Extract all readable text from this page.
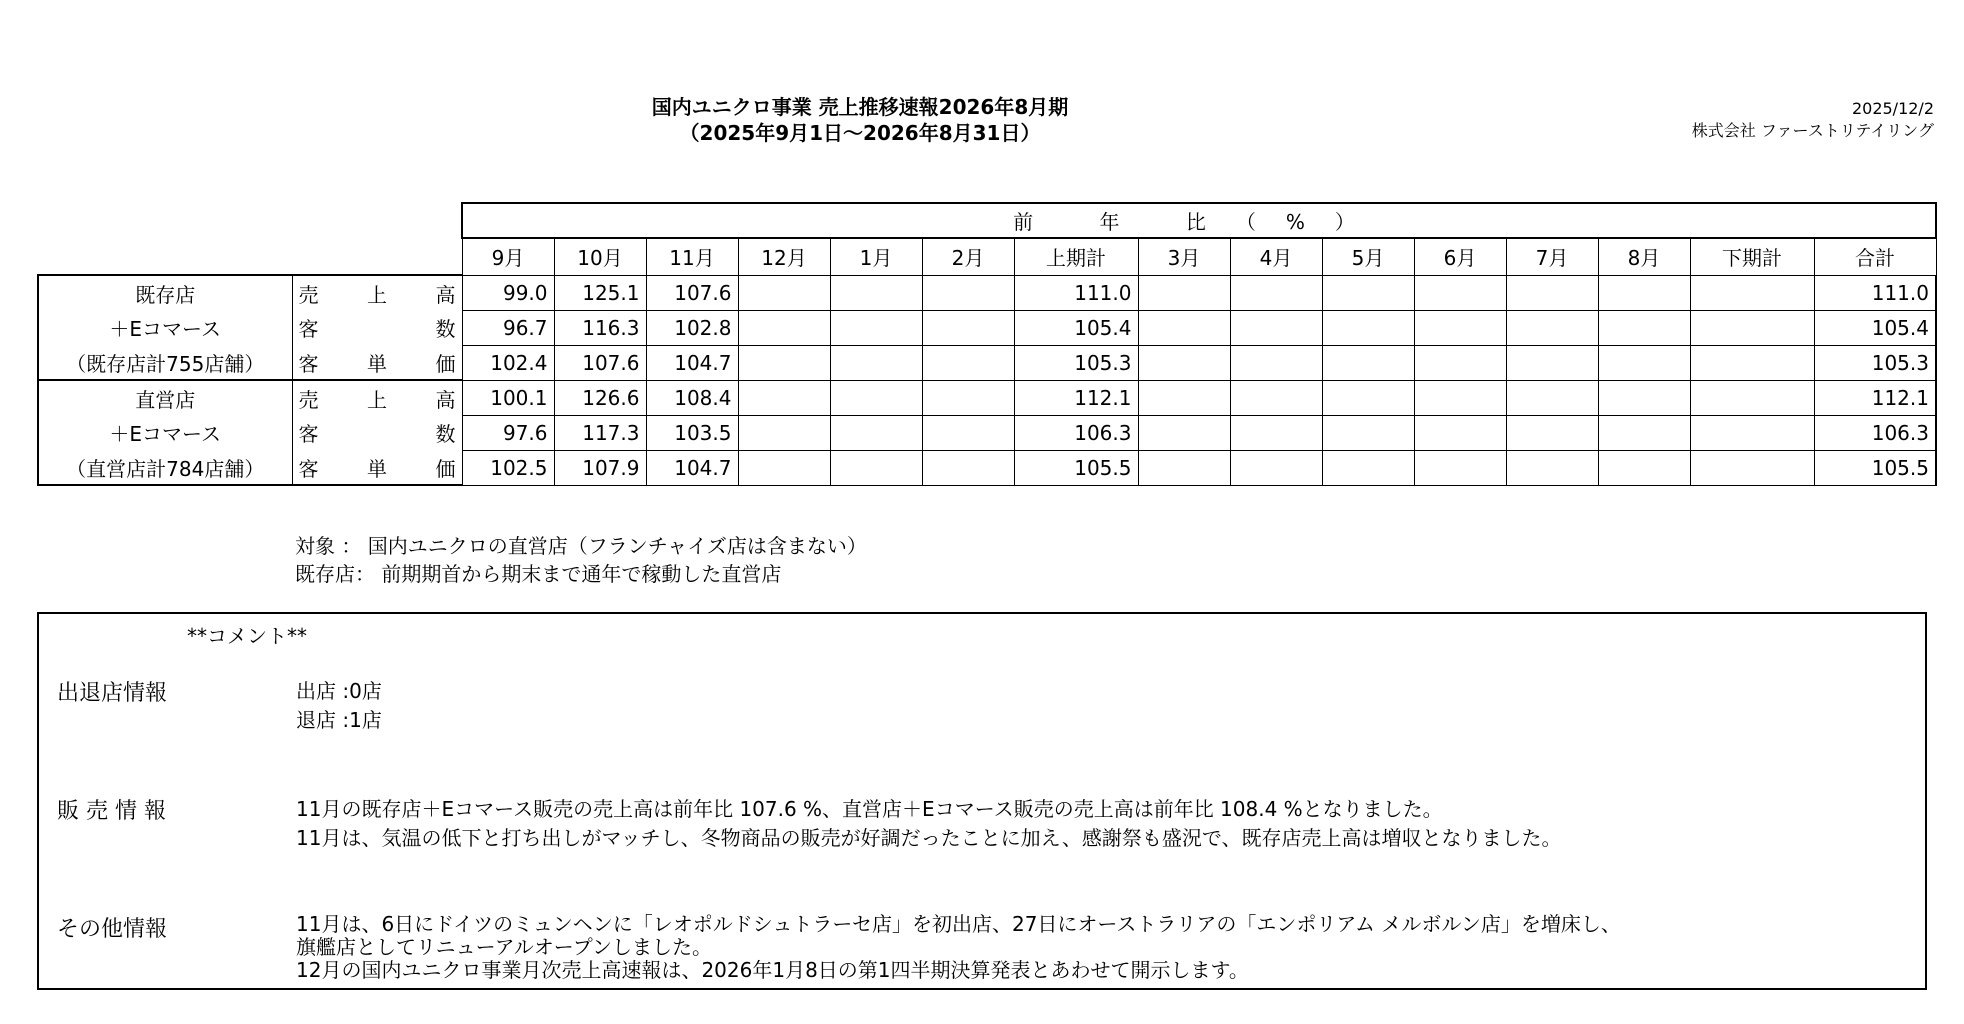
国内ユニクロ事業 売上推移速報2026年8月期
（2025年9月1日～2026年8月31日）
2025/12/2
株式会社 ファーストリテイリング
		前 年 比（%）														
		9月	10月	11月	12月	1月	2月	上期計	3月	4月	5月	6月	7月	8月	下期計	合計
既存店	売 上 高	99.0	125.1	107.6				111.0								111.0
＋Eコマース	客 数	96.7	116.3	102.8				105.4								105.4
（既存店計755店舗）	客 単 価	102.4	107.6	104.7				105.3								105.3
直営店	売 上 高	100.1	126.6	108.4				112.1								112.1
＋Eコマース	客 数	97.6	117.3	103.5				106.3								106.3
（直営店計784店舗）	客 単 価	102.5	107.9	104.7				105.5								105.5
対象 ： 国内ユニクロの直営店（フランチャイズ店は含まない）
既存店： 前期期首から期末まで通年で稼動した直営店
**コメント**
出退店情報	出店 :0店
退店 :1店
販 売 情 報	11月の既存店＋Eコマース販売の売上高は前年比 107.6 %、直営店＋Eコマース販売の売上高は前年比 108.4 %となりました。
11月は、気温の低下と打ち出しがマッチし、冬物商品の販売が好調だったことに加え、感謝祭も盛況で、既存店売上高は増収となりました。
その他情報	11月は、6日にドイツのミュンヘンに「レオポルドシュトラーセ店」を初出店、27日にオーストラリアの「エンポリアム メルボルン店」を増床し、
旗艦店としてリニューアルオープンしました。
12月の国内ユニクロ事業月次売上高速報は、2026年1月8日の第1四半期決算発表とあわせて開示します。
